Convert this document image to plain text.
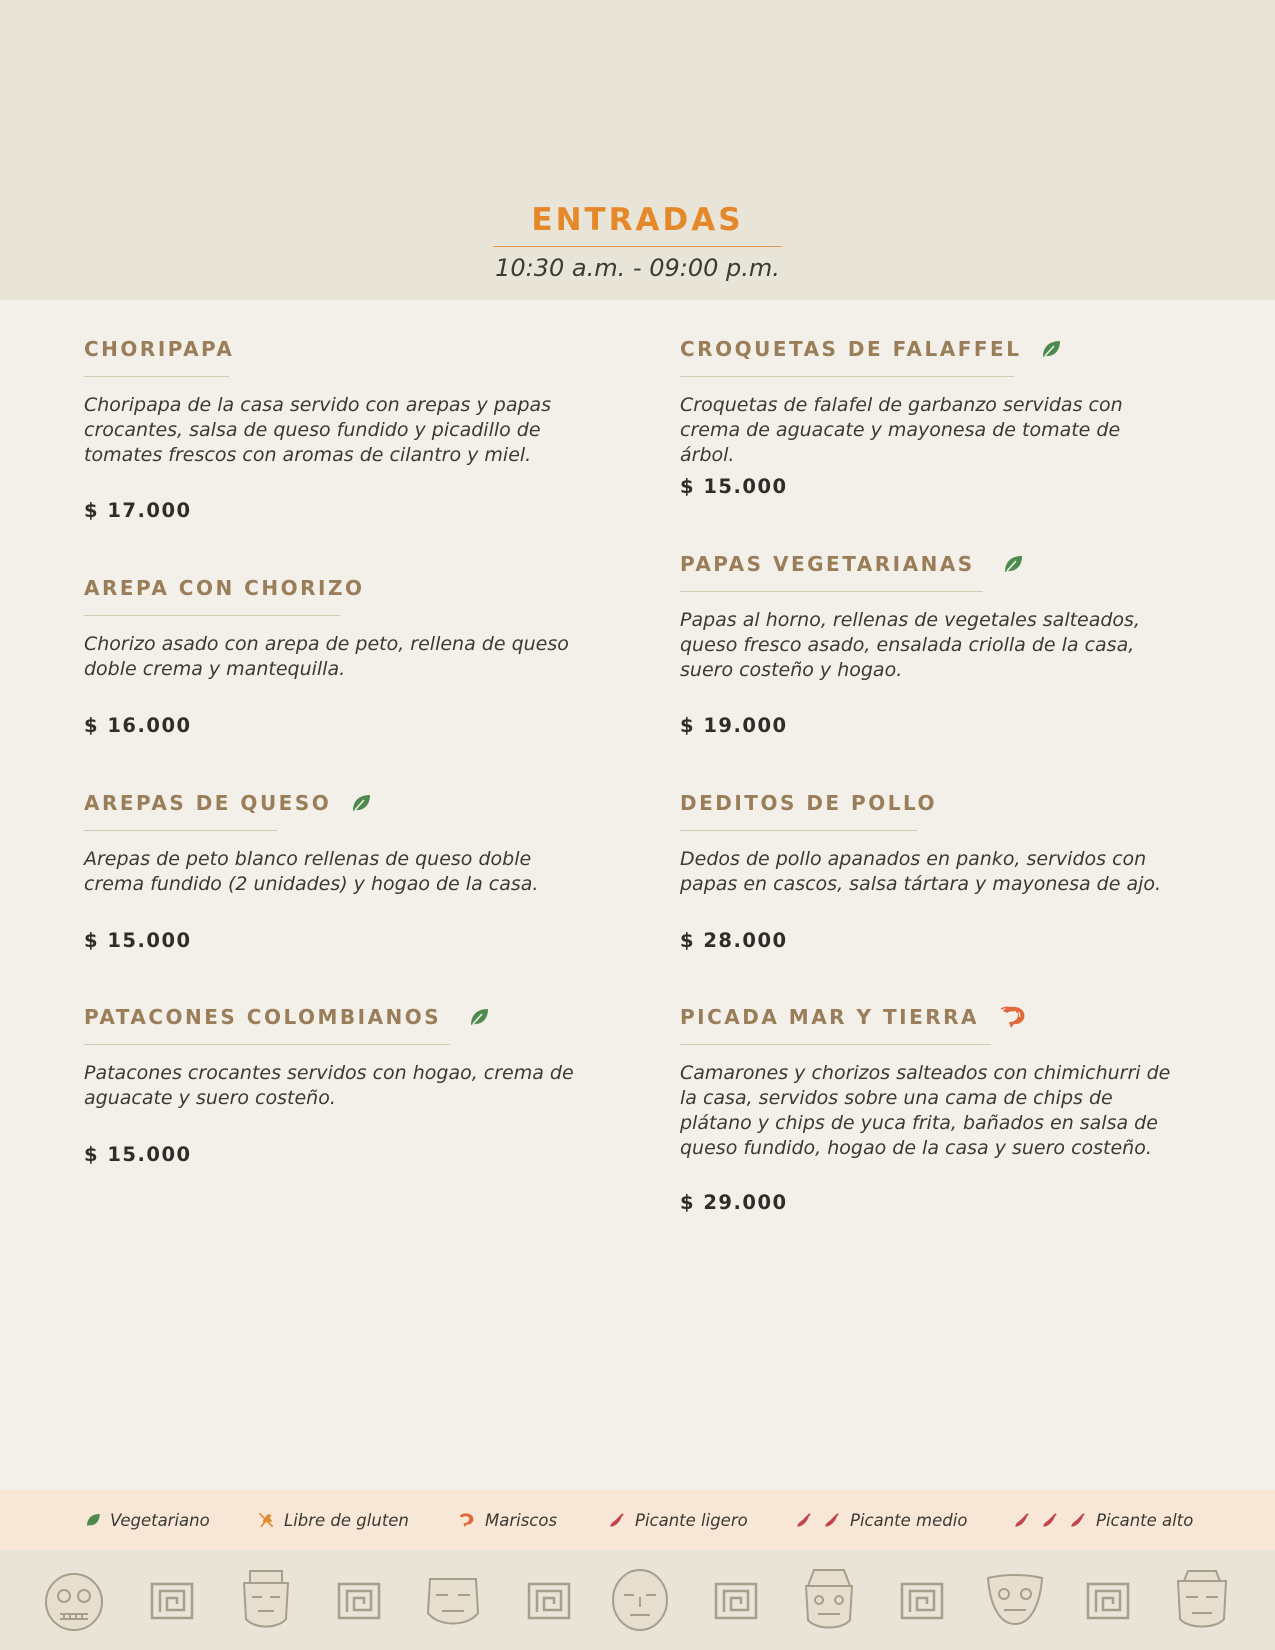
ENTRADAS
10:30 a.m. - 09:00 p.m.
CHORIPAPA
Choripapa de la casa servido con arepas y papas crocantes, salsa de queso fundido y picadillo de tomates frescos con aromas de cilantro y miel.
$ 17.000
AREPA CON CHORIZO
Chorizo asado con arepa de peto, rellena de queso doble crema y mantequilla.
$ 16.000
AREPAS DE QUESO
Arepas de peto blanco rellenas de queso doble crema fundido (2 unidades) y hogao de la casa.
$ 15.000
PATACONES COLOMBIANOS
Patacones crocantes servidos con hogao, crema de aguacate y suero costeño.
$ 15.000
CROQUETAS DE FALAFFEL
Croquetas de falafel de garbanzo servidas con crema de aguacate y mayonesa de tomate de árbol.
$ 15.000
PAPAS VEGETARIANAS
Papas al horno, rellenas de vegetales salteados, queso fresco asado, ensalada criolla de la casa, suero costeño y hogao.
$ 19.000
DEDITOS DE POLLO
Dedos de pollo apanados en panko, servidos con papas en cascos, salsa tártara y mayonesa de ajo.
$ 28.000
PICADA MAR Y TIERRA
Camarones y chorizos salteados con chimichurri de la casa, servidos sobre una cama de chips de plátano y chips de yuca frita, bañados en salsa de queso fundido, hogao de la casa y suero costeño.
$ 29.000
Vegetariano	Libre de gluten	Mariscos	Picante ligero	Picante medio	Picante alto
